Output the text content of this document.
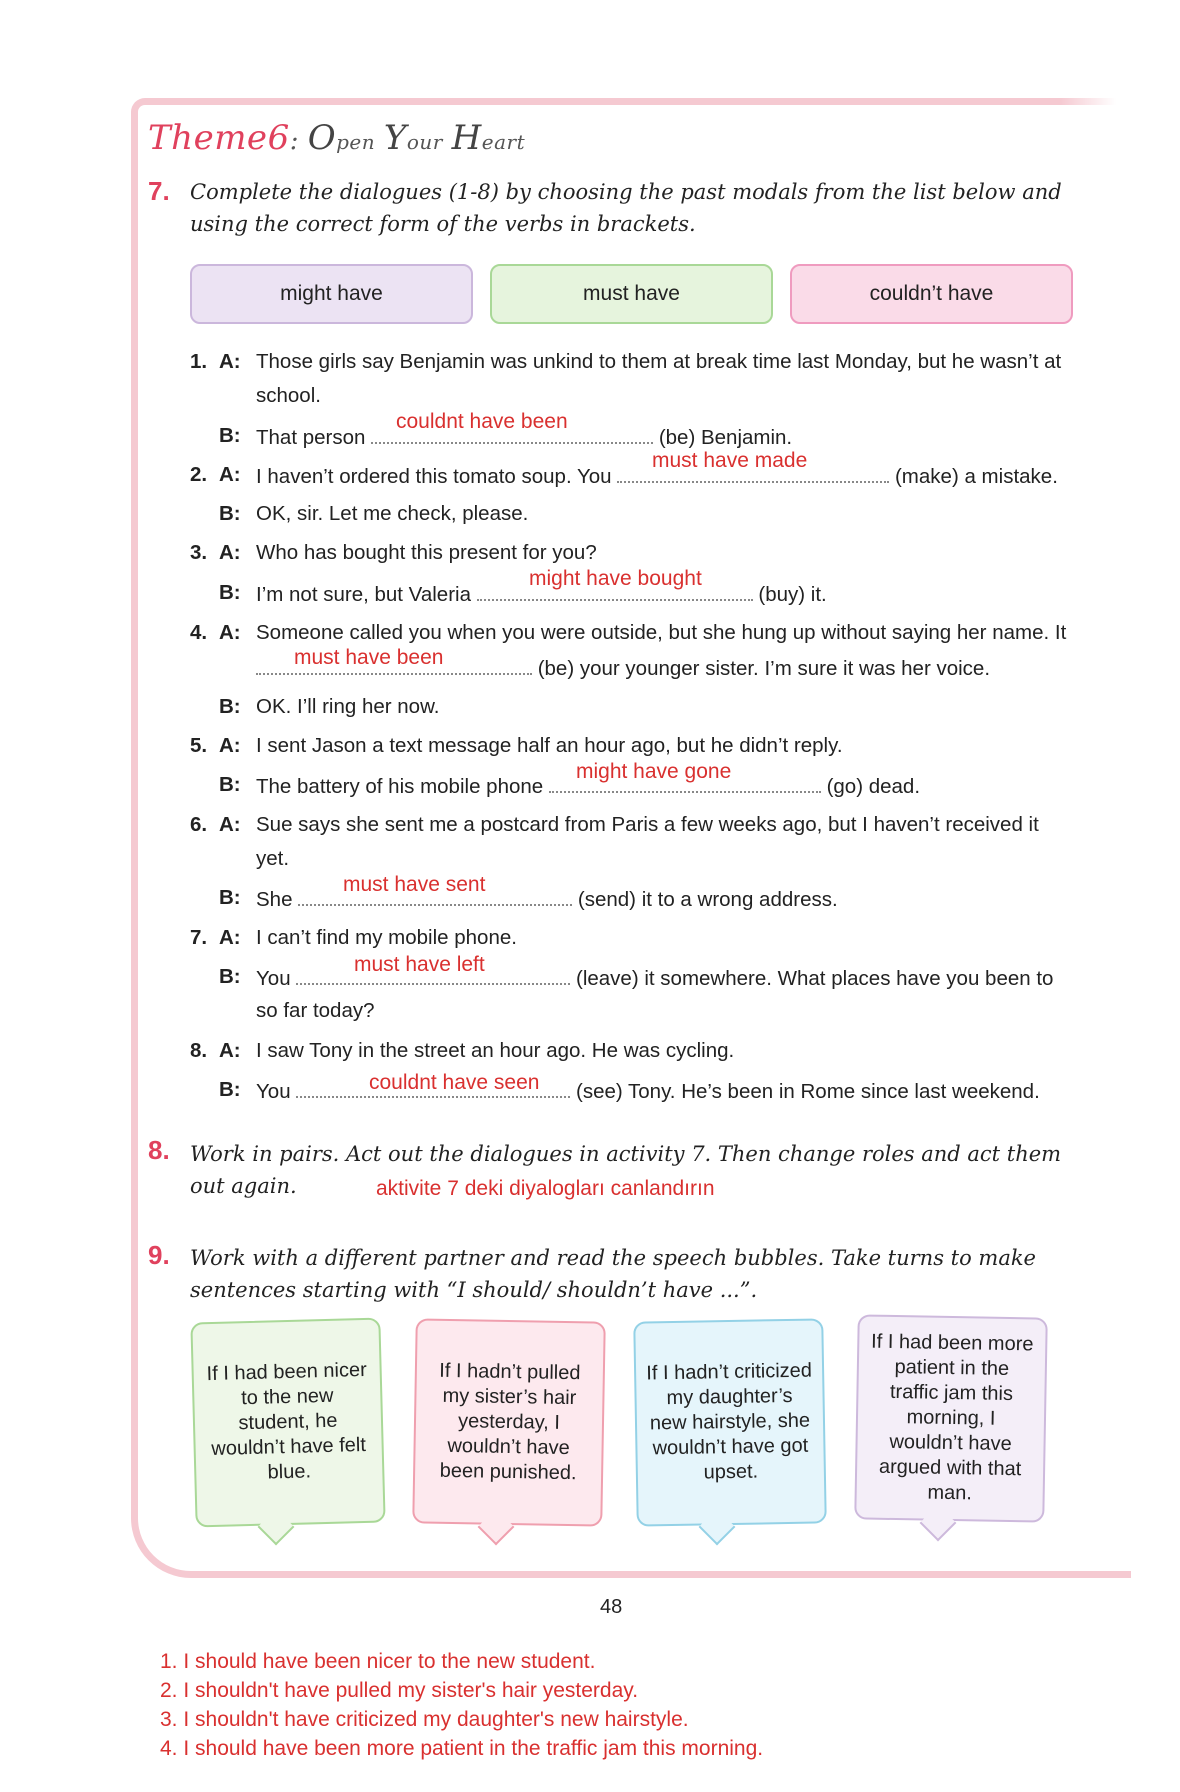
Theme6: Open Your Heart
7. Complete the dialogues (1-8) by choosing the past modals from the list below and
using the correct form of the verbs in brackets.
might have	must have	couldn’t have
1. A: Those girls say Benjamin was unkind to them at break time last Monday, but he wasn’t at
school.
B: That person	(be) Benjamin.
couldnt have been
2. A: I haven’t ordered this tomato soup. You	(make) a mistake.
must have made
B: OK, sir. Let me check, please.
3. A: Who has bought this present for you?
B: I’m not sure, but Valeria	(buy) it.
might have bought
4. A: Someone called you when you were outside, but she hung up without saying her name. It
(be) your younger sister. I’m sure it was her voice.
must have been
B: OK. I’ll ring her now.
5. A: I sent Jason a text message half an hour ago, but he didn’t reply.
B: The battery of his mobile phone	(go) dead.
might have gone
6. A: Sue says she sent me a postcard from Paris a few weeks ago, but I haven’t received it
yet.
B: She	(send) it to a wrong address.
must have sent
7. A: I can’t find my mobile phone.
B: You	(leave) it somewhere. What places have you been to
must have left
so far today?
8. A: I saw Tony in the street an hour ago. He was cycling.
B: You	(see) Tony. He’s been in Rome since last weekend.
couldnt have seen
8. Work in pairs. Act out the dialogues in activity 7. Then change roles and act them
out again.	aktivite 7 deki diyalogları canlandırın
9. Work with a different partner and read the speech bubbles. Take turns to make
sentences starting with “I should/ shouldn’t have ...”.
If I had been nicer to the new student, he wouldn’t have felt blue.
If I hadn’t pulled my sister’s hair yesterday, I wouldn’t have been punished.
If I hadn’t criticized my daughter’s new hairstyle, she wouldn’t have got upset.
If I had been more patient in the traffic jam this morning, I wouldn’t have argued with that man.
48
1. I should have been nicer to the new student.
2. I shouldn't have pulled my sister's hair yesterday.
3. I shouldn't have criticized my daughter's new hairstyle.
4. I should have been more patient in the traffic jam this morning.
